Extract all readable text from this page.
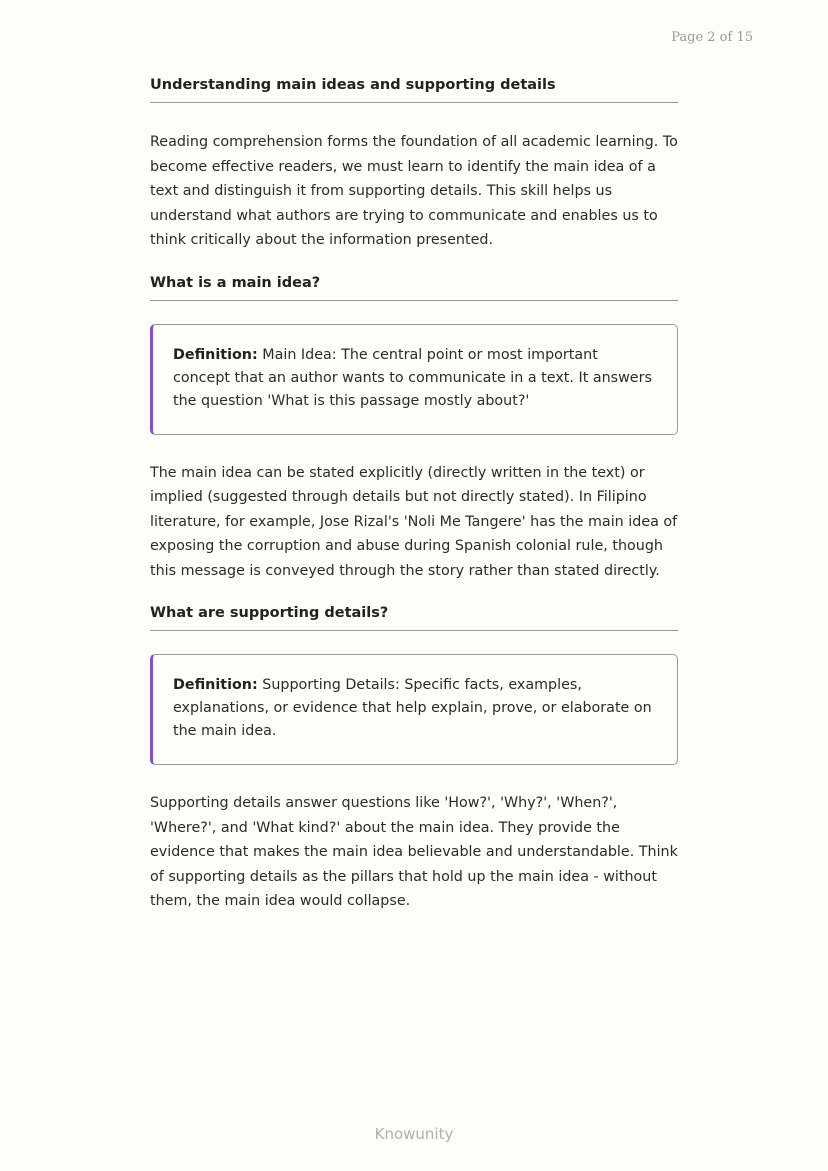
Page 2 of 15
Understanding main ideas and supporting details

Reading comprehension forms the foundation of all academic learning. To become effective readers, we must learn to identify the main idea of a text and distinguish it from supporting details. This skill helps us understand what authors are trying to communicate and enables us to think critically about the information presented.

What is a main idea?
Definition: Main Idea: The central point or most important concept that an author wants to communicate in a text. It answers the question 'What is this passage mostly about?'

The main idea can be stated explicitly (directly written in the text) or implied (suggested through details but not directly stated). In Filipino literature, for example, Jose Rizal's 'Noli Me Tangere' has the main idea of exposing the corruption and abuse during Spanish colonial rule, though this message is conveyed through the story rather than stated directly.

What are supporting details?
Definition: Supporting Details: Specific facts, examples, explanations, or evidence that help explain, prove, or elaborate on the main idea.

Supporting details answer questions like 'How?', 'Why?', 'When?', 'Where?', and 'What kind?' about the main idea. They provide the evidence that makes the main idea believable and understandable. Think of supporting details as the pillars that hold up the main idea - without them, the main idea would collapse.

Knowunity
